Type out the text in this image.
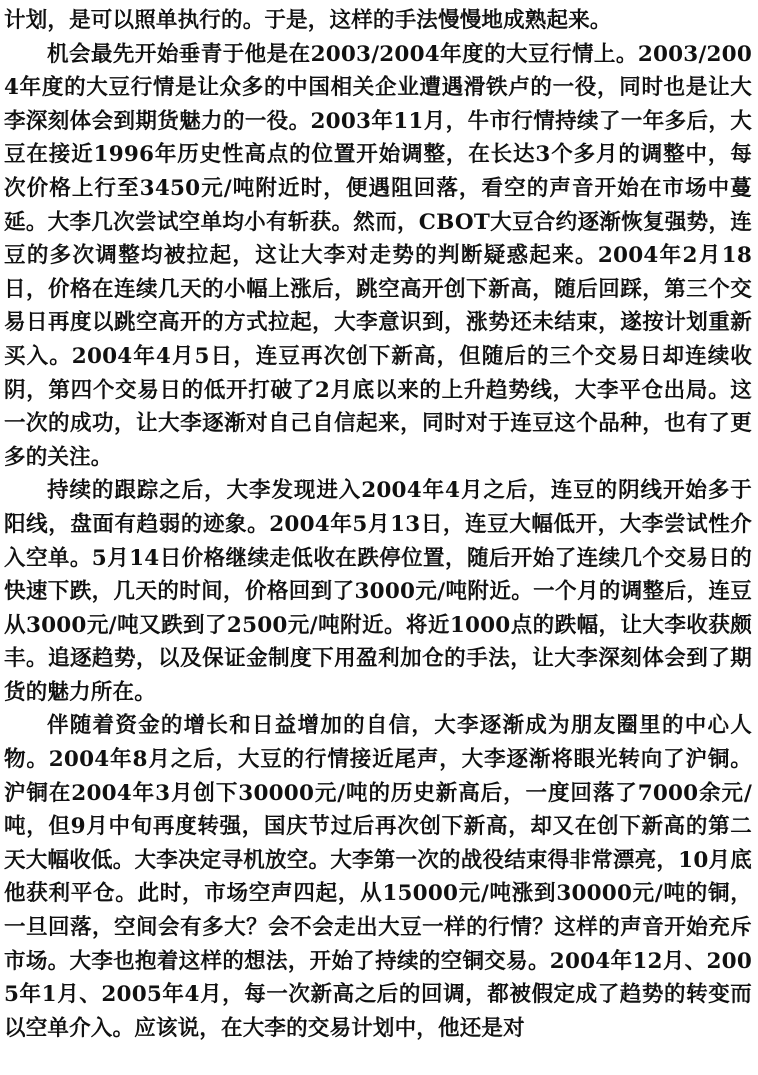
计划，是可以照单执行的。于是，这样的手法慢慢地成熟起来。

机会最先开始垂青于他是在2003/2004年度的大豆行情上。2003/2004年度的大豆行情是让众多的中国相关企业遭遇滑铁卢的一役，同时也是让大李深刻体会到期货魅力的一役。2003年11月，牛市行情持续了一年多后，大豆在接近1996年历史性高点的位置开始调整，在长达3个多月的调整中，每次价格上行至3450元/吨附近时，便遇阻回落，看空的声音开始在市场中蔓延。大李几次尝试空单均小有斩获。然而，CBOT大豆合约逐渐恢复强势，连豆的多次调整均被拉起，这让大李对走势的判断疑惑起来。2004年2月18日，价格在连续几天的小幅上涨后，跳空高开创下新高，随后回踩，第三个交易日再度以跳空高开的方式拉起，大李意识到，涨势还未结束，遂按计划重新买入。2004年4月5日，连豆再次创下新高，但随后的三个交易日却连续收阴，第四个交易日的低开打破了2月底以来的上升趋势线，大李平仓出局。这一次的成功，让大李逐渐对自己自信起来，同时对于连豆这个品种，也有了更多的关注。

持续的跟踪之后，大李发现进入2004年4月之后，连豆的阴线开始多于阳线，盘面有趋弱的迹象。2004年5月13日，连豆大幅低开，大李尝试性介入空单。5月14日价格继续走低收在跌停位置，随后开始了连续几个交易日的快速下跌，几天的时间，价格回到了3000元/吨附近。一个月的调整后，连豆从3000元/吨又跌到了2500元/吨附近。将近1000点的跌幅，让大李收获颇丰。追逐趋势，以及保证金制度下用盈利加仓的手法，让大李深刻体会到了期货的魅力所在。

伴随着资金的增长和日益增加的自信，大李逐渐成为朋友圈里的中心人物。2004年8月之后，大豆的行情接近尾声，大李逐渐将眼光转向了沪铜。沪铜在2004年3月创下30000元/吨的历史新高后，一度回落了7000余元/吨，但9月中旬再度转强，国庆节过后再次创下新高，却又在创下新高的第二天大幅收低。大李决定寻机放空。大李第一次的战役结束得非常漂亮，10月底他获利平仓。此时，市场空声四起，从15000元/吨涨到30000元/吨的铜，一旦回落，空间会有多大？会不会走出大豆一样的行情？这样的声音开始充斥市场。大李也抱着这样的想法，开始了持续的空铜交易。2004年12月、2005年1月、2005年4月，每一次新高之后的回调，都被假定成了趋势的转变而以空单介入。应该说，在大李的交易计划中，他还是对
